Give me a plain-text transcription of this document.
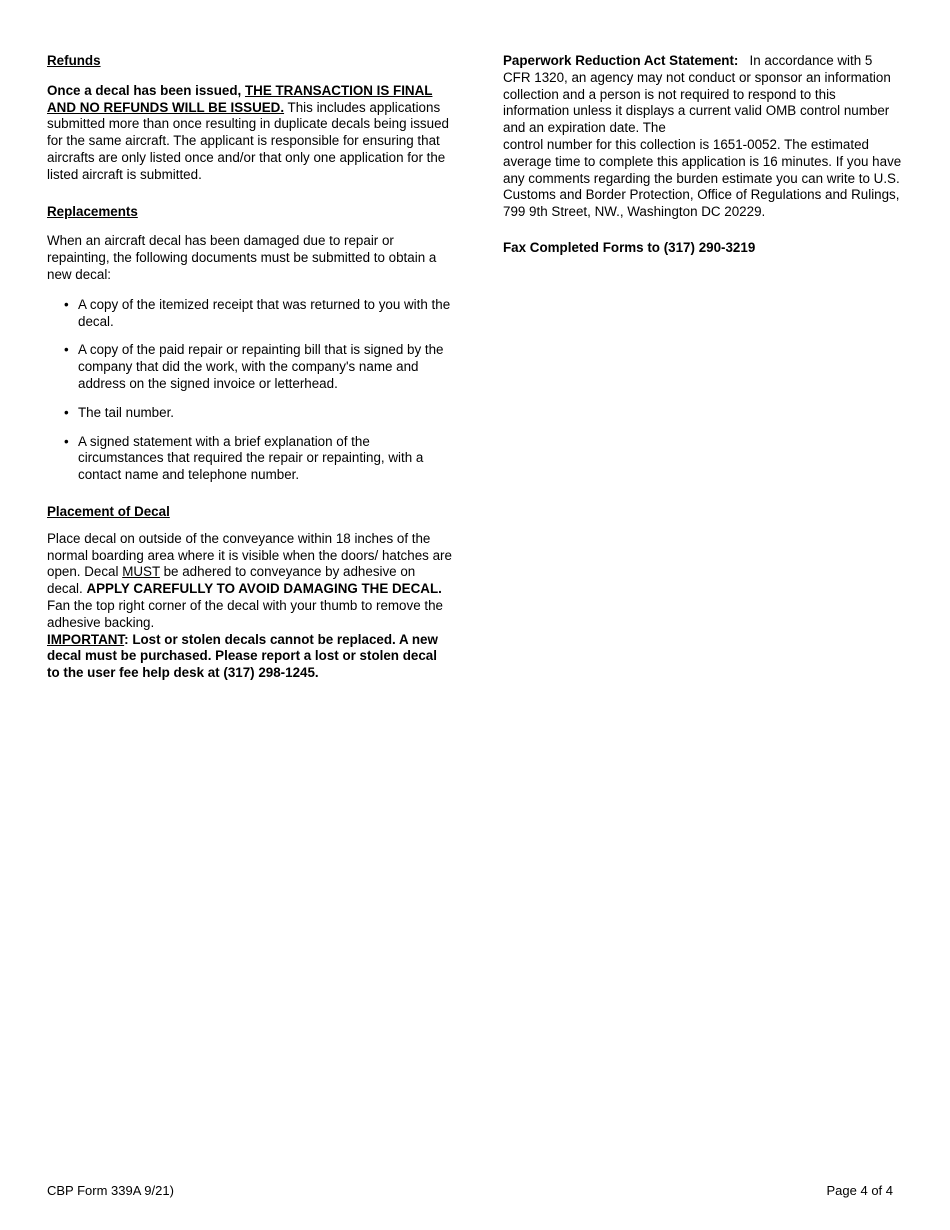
Refunds

Once a decal has been issued, THE TRANSACTION IS FINAL AND NO REFUNDS WILL BE ISSUED. This includes applications submitted more than once resulting in duplicate decals being issued for the same aircraft. The applicant is responsible for ensuring that aircrafts are only listed once and/or that only one application for the listed aircraft is submitted.

Replacements

When an aircraft decal has been damaged due to repair or repainting, the following documents must be submitted to obtain a new decal:

• A copy of the itemized receipt that was returned to you with the decal.
• A copy of the paid repair or repainting bill that is signed by the company that did the work, with the company's name and address on the signed invoice or letterhead.
• The tail number.
• A signed statement with a brief explanation of the circumstances that required the repair or repainting, with a contact name and telephone number.
Placement of Decal

Place decal on outside of the conveyance within 18 inches of the normal boarding area where it is visible when the doors/ hatches are open. Decal MUST be adhered to conveyance by adhesive on decal. APPLY CAREFULLY TO AVOID DAMAGING THE DECAL. Fan the top right corner of the decal with your thumb to remove the adhesive backing.
IMPORTANT: Lost or stolen decals cannot be replaced. A new decal must be purchased. Please report a lost or stolen decal to the user fee help desk at (317) 298-1245.

Paperwork Reduction Act Statement:   In accordance with 5 CFR 1320, an agency may not conduct or sponsor an information collection and a person is not required to respond to this information unless it displays a current valid OMB control number and an expiration date. The
control number for this collection is 1651-0052. The estimated average time to complete this application is 16 minutes. If you have any comments regarding the burden estimate you can write to U.S. Customs and Border Protection, Office of Regulations and Rulings, 799 9th Street, NW., Washington DC 20229.

Fax Completed Forms to (317) 290-3219

CBP Form 339A 9/21)	Page 4 of 4
